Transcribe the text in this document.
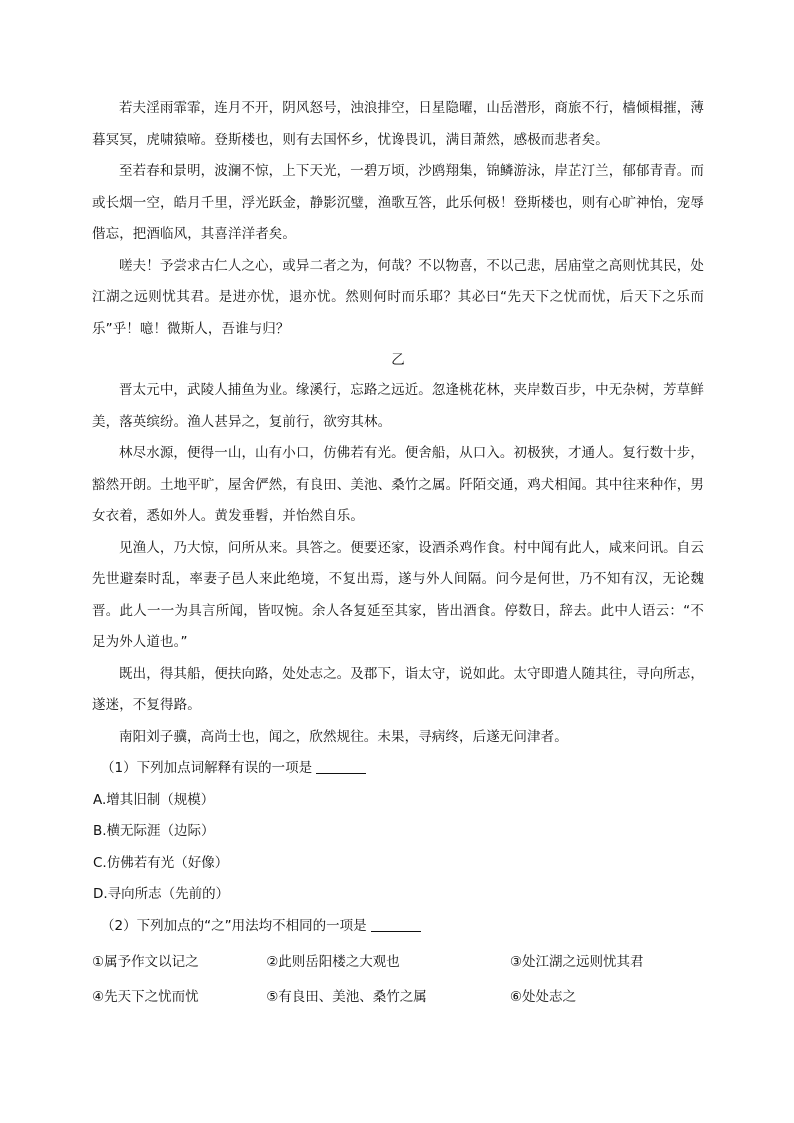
若夫淫雨霏霏，连月不开，阴风怒号，浊浪排空，日星隐曜，山岳潜形，商旅不行，樯倾楫摧，薄暮冥冥，虎啸猿啼。登斯楼也，则有去国怀乡，忧谗畏讥，满目萧然，感极而悲者矣。

至若春和景明，波澜不惊，上下天光，一碧万顷，沙鸥翔集，锦鳞游泳，岸芷汀兰，郁郁青青。而或长烟一空，皓月千里，浮光跃金，静影沉璧，渔歌互答，此乐何极！登斯楼也，则有心旷神怡，宠辱偕忘，把酒临风，其喜洋洋者矣。

嗟夫！予尝求古仁人之心，或异二者之为，何哉？不以物喜，不以己悲，居庙堂之高则忧其民，处江湖之远则忧其君。是进亦忧，退亦忧。然则何时而乐耶？其必曰“先天下之忧而忧，后天下之乐而乐”乎！噫！微斯人，吾谁与归？

乙

晋太元中，武陵人捕鱼为业。缘溪行，忘路之远近。忽逢桃花林，夹岸数百步，中无杂树，芳草鲜美，落英缤纷。渔人甚异之，复前行，欲穷其林。

林尽水源，便得一山，山有小口，仿佛若有光。便舍船，从口入。初极狭，才通人。复行数十步，豁然开朗。土地平旷，屋舍俨然，有良田、美池、桑竹之属。阡陌交通，鸡犬相闻。其中往来种作，男女衣着，悉如外人。黄发垂髫，并怡然自乐。

见渔人，乃大惊，问所从来。具答之。便要还家，设酒杀鸡作食。村中闻有此人，咸来问讯。自云先世避秦时乱，率妻子邑人来此绝境，不复出焉，遂与外人间隔。问今是何世，乃不知有汉，无论魏晋。此人一一为具言所闻，皆叹惋。余人各复延至其家，皆出酒食。停数日，辞去。此中人语云：“不足为外人道也。”

既出，得其船，便扶向路，处处志之。及郡下，诣太守，说如此。太守即遣人随其往，寻向所志，遂迷，不复得路。

南阳刘子骥，高尚士也，闻之，欣然规往。未果，寻病终，后遂无问津者。

（1）下列加点词解释有误的一项是

A.增其旧制（规模）

B.横无际涯（边际）

C.仿佛若有光（好像）

D.寻向所志（先前的）

（2）下列加点的“之”用法均不相同的一项是

①属予作文以记之	②此则岳阳楼之大观也	③处江湖之远则忧其君
④先天下之忧而忧	⑤有良田、美池、桑竹之属	⑥处处志之
